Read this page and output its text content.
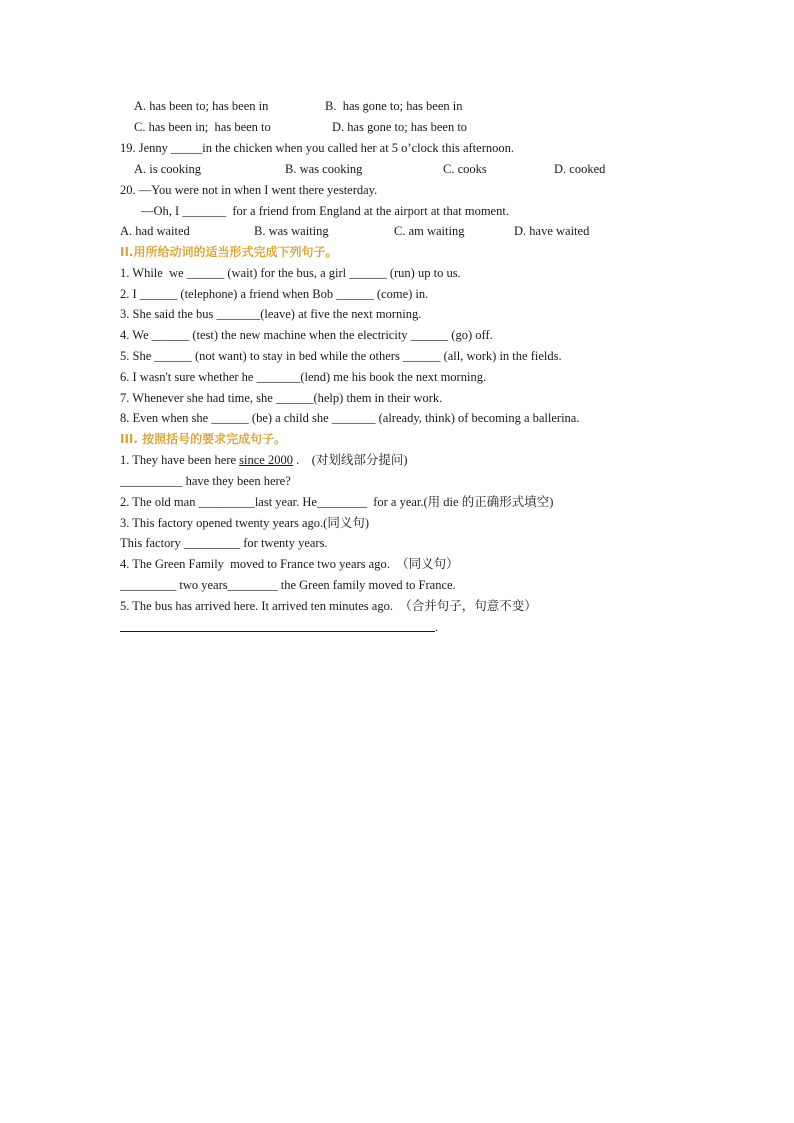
A. has been to; has been in	B.  has gone to; has been in
C. has been in;  has been to	D. has gone to; has been to
19. Jenny _____in the chicken when you called her at 5 o’clock this afternoon.
A. is cooking	B. was cooking	C. cooks	D. cooked
20. —You were not in when I went there yesterday.
—Oh, I _______  for a friend from England at the airport at that moment.
A. had waited	B. was waiting	C. am waiting	D. have waited
II.用所给动词的适当形式完成下列句子。
1. While  we ______ (wait) for the bus, a girl ______ (run) up to us.
2. I ______ (telephone) a friend when Bob ______ (come) in.
3. She said the bus _______(leave) at five the next morning.
4. We ______ (test) the new machine when the electricity ______ (go) off.
5. She ______ (not want) to stay in bed while the others ______ (all, work) in the fields.
6. I wasn't sure whether he _______(lend) me his book the next morning.
7. Whenever she had time, she ______(help) them in their work.
8. Even when she ______ (be) a child she _______ (already, think) of becoming a ballerina.
III. 按照括号的要求完成句子。
1. They have been here since 2000 .    (对划线部分提问)
__________ have they been here?
2. The old man _________last year. He________  for a year.(用 die 的正确形式填空)
3. This factory opened twenty years ago.(同义句)
This factory _________ for twenty years.
4. The Green Family  moved to France two years ago.  （同义句）
_________ two years________ the Green family moved to France.
5. The bus has arrived here. It arrived ten minutes ago.  （合并句子，句意不变）
.
